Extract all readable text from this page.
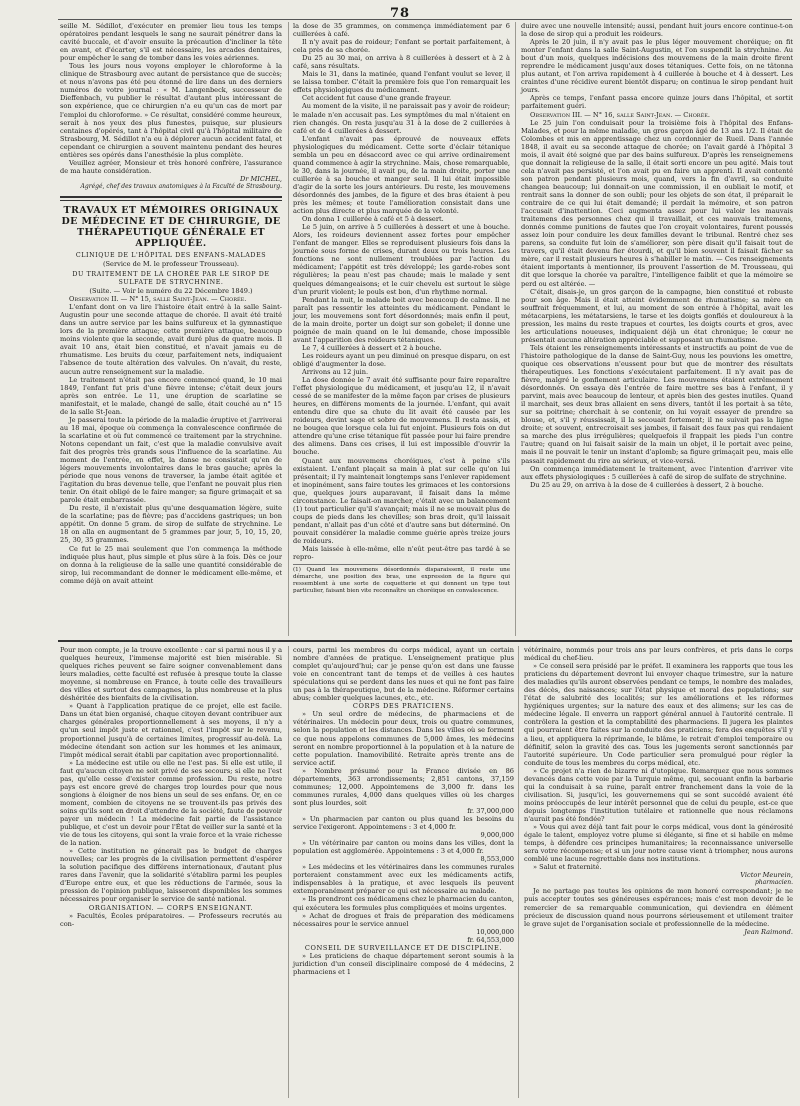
78

seille M. Sédillot, d'exécuter en premier lieu tous les temps opératoires pendant lesquels le sang ne saurait pénétrer dans la cavité buccale, et d'avoir ensuite la précaution d'incliner la tête en avant, et d'écarter, s'il est nécessaire, les arcades dentaires, pour empêcher le sang de tomber dans les voies aériennes.

Tous les jours nous voyons employer le chloroforme à la clinique de Strasbourg avec autant de persistance que de succès; et nous n'avons pas été peu étonné de lire dans un des derniers numéros de votre journal : « M. Langenbeck, successeur de Dieffenbach, vu publier le résultat d'autant plus intéressant de son expérience, que ce chirurgien n'a eu qu'un cas de mort par l'emploi du chloroforme. » Ce résultat, considéré comme heureux, serait à nos yeux des plus funestes, puisque, sur plusieurs centaines d'opérés, tant à l'hôpital civil qu'à l'hôpital militaire de Strasbourg, M. Sédillot n'a eu à déplorer aucun accident fatal, et cependant ce chirurgien a souvent maintenu pendant des heures entières ses opérés dans l'anesthésie la plus complète.

Veuillez agréer, Monsieur et très honoré confrère, l'assurance de ma haute considération.

Dr MICHEL,
Agrégé, chef des travaux anatomiques à la Faculté de Strasbourg.
TRAVAUX ET MÉMOIRES ORIGINAUX DE MÉDECINE ET DE CHIRURGIE, DE THÉRAPEUTIQUE GÉNÉRALE ET APPLIQUÉE.
CLINIQUE DE L'HÔPITAL DES ENFANS-MALADES
(Service de M. le professeur Trousseau).
DU TRAITEMENT DE LA CHORÉE PAR LE SIROP DE SULFATE DE STRYCHNINE.
(Suite. — Voir le numéro du 22 Décembre 1849.)

Observation II. — N° 15, salle Saint-Jean. — Chorée.

L'enfant dont on va lire l'histoire était entré à la salle Saint-Augustin pour une seconde attaque de chorée. Il avait été traité dans un autre service par les bains sulfureux et la gymnastique lors de la première attaque; cette première attaque, beaucoup moins violente que la seconde, avait duré plus de quatre mois. Il avait 10 ans, était bien constitué, et n'avait jamais eu de rhumatisme. Les bruits du cœur, parfaitement nets, indiquaient l'absence de toute altération des valvules. On n'avait, du reste, aucun autre renseignement sur la maladie.

Le traitement n'était pas encore commencé quand, le 10 mai 1849, l'enfant fut pris d'une fièvre intense; c'était deux jours après son entrée. Le 11, une éruption de scarlatine se manifestait, et le malade, changé de salle, était couché au n° 15 de la salle St-Jean.

Je passerai toute la période de la maladie éruptive et j'arriverai au 18 mai, époque où commença la convalescence confirmée de la scarlatine et où fut commencé ce traitement par la strychnine. Notons cependant un fait, c'est que la maladie convulsive avait fait des progrès très grands sous l'influence de la scarlatine. Au moment de l'entrée, en effet, la danse ne consistait qu'en de légers mouvements involontaires dans le bras gauche; après la période que nous venons de traverser, la jambe était agitée et l'agitation du bras devenue telle, que l'enfant ne pouvait plus rien tenir. On était obligé de le faire manger; sa figure grimaçait et sa parole était embarrassée.

Du reste, il n'existait plus qu'une desquamation légère, suite de la scarlatine; pas de fièvre; pas d'accidens gastriques; un bon appétit. On donne 5 gram. de sirop de sulfate de strychnine. Le 18 on alla en augmentant de 5 grammes par jour, 5, 10, 15, 20, 25, 30, 35 grammes.

Ce fut le 25 mai seulement que l'on commença la méthode indiquée plus haut, plus simple et plus sûre à la fois. Dès ce jour on donna à la religieuse de la salle une quantité considérable de sirop, lui recommandant de donner le médicament elle-même, et comme déjà on avait atteint

la dose de 35 grammes, on commença immédiatement par 6 cuillerées à café.

Il n'y avait pas de roideur; l'enfant se portait parfaitement, à cela près de sa chorée.

Du 25 au 30 mai, on arriva à 8 cuillerées à dessert et à 2 à café, sans résultats.

Mais le 31, dans la matinée, quand l'enfant voulut se lever, il se laissa tomber. C'était la première fois que l'on remarquait les effets physiologiques du médicament.

Cet accident fut cause d'une grande frayeur.

Au moment de la visite, il ne paraissait pas y avoir de roideur; le malade n'en accusait pas. Les symptômes du mal n'étaient en rien changés. On resta jusqu'au 31 à la dose de 2 cuillerées à café et de 4 cuillerées à dessert.

L'enfant n'avait pas éprouvé de nouveaux effets physiologiques du médicament. Cette sorte d'éclair tétanique sembla un peu en désaccord avec ce qui arrive ordinairement quand commence à agir la strychnine. Mais, chose remarquable, le 30, dans la journée, il avait pu, de la main droite, porter une cuillerée à sa bouche et manger seul. Il lui était impossible d'agir de la sorte les jours antérieurs. Du reste, les mouvemens désordonnés des jambes, de la figure et des bras étaient à peu près les mêmes; et toute l'amélioration consistait dans une action plus directe et plus marquée de la volonté.

On donna 1 cuillerée à café et 5 à dessert.

Le 5 juin, on arrive à 5 cuillerées à dessert et une à bouche. Alors, les roideurs deviennent assez fortes pour empêcher l'enfant de manger. Elles se reproduisent plusieurs fois dans la journée sous forme de crises, durant deux ou trois heures. Les fonctions ne sont nullement troublées par l'action du médicament; l'appétit est très développé; les garde-robes sont régulières; la peau n'est pas chaude; mais le malade y sent quelques démangeaisons; et le cuir chevelu est surtout le siège d'un prurit violent; le pouls est bon, d'un rhythme normal.

Pendant la nuit, le malade boit avec beaucoup de calme. Il ne paraît pas ressentir les atteintes du médicament. Pendant le jour, les mouvemens sont fort désordonnés; mais enfin il peut, de la main droite, porter un doigt sur son gobelet; il donne une poignée de main quand on le lui demande, chose impossible avant l'apparition des roideurs tétaniques.

Le 7, 4 cuillerées à dessert et 2 à bouche.

Les roideurs ayant un peu diminué on presque disparu, on est obligé d'augmenter la dose.

Arrivons au 12 juin.

La dose donnée le 7 avait été suffisante pour faire reparaître l'effet physiologique du médicament, et jusqu'au 12, il n'avait cessé de se manifester de la même façon par crises de plusieurs heures, en différens moments de la journée. L'enfant, qui avait entendu dire que sa chute du lit avait été causée par les roideurs, devint sage et sobre de mouvemens. Il resta assis, et ne bougea que lorsque cela lui fut enjoint. Plusieurs fois on dut attendre qu'une crise tétanique fût passée pour lui faire prendre des alimens. Dans ces crises, il lui est impossible d'ouvrir la bouche.

Quant aux mouvemens choréiques, c'est à peine s'ils existaient. L'enfant plaçait sa main à plat sur celle qu'on lui présentait; il l'y maintenait longtemps sans l'enlever rapidement et inopinément, sans faire toutes les grimaces et les contorsions que, quelques jours auparavant, il faisait dans la même circonstance. Le faisait-on marcher, c'était avec un balancement (1) tout particulier qu'il s'avançait; mais il ne se mouvait plus de coups de pieds dans les chevilles; son bras droit, qu'il laissait pendant, n'allait pas d'un côté et d'autre sans but déterminé. On pouvait considérer la maladie comme guérie après treize jours de roideurs.

Mais laissée à elle-même, elle n'eût peut-être pas tardé à se repro-

(1) Quand les mouvemens désordonnés disparaissent, il reste une démarche, une position des bras, une expression de la figure qui ressemblent à une sorte de coquetterie et qui donnent un type tout particulier, faisant bien vite reconnaître un choréique en convalescence.

duire avec une nouvelle intensité; aussi, pendant huit jours encore continue-t-on la dose de sirop qui a produit les roideurs.

Après le 20 juin, il n'y avait pas le plus léger mouvement choréique; on fit monter l'enfant dans la salle Saint-Augustin, et l'on suspendit la strychnine. Au bout d'un mois, quelques indécisions des mouvemens de la main droite firent reprendre le médicament jusqu'aux doses tétaniques. Cette fois, on ne tâtonna plus autant, et l'on arriva rapidement à 4 cuillerée à bouche et 4 à dessert. Les craintes d'une récidive eurent bientôt disparu; on continua le sirop pendant huit jours.

Après ce temps, l'enfant passa encore quinze jours dans l'hôpital, et sortit parfaitement guéri.

Observation III. — N° 16, salle Saint-Jean. — Chorée.

Le 25 juin l'on conduisait pour la troisième fois à l'hôpital des Enfans-Malades, et pour la même maladie, un gros garçon âgé de 13 ans 1/2. Il était de Colombes et mis en apprentissage chez un cordonnier de Rueil. Dans l'année 1848, il avait eu sa seconde attaque de chorée; on l'avait gardé à l'hôpital 3 mois, il avait été soigné que par des bains sulfureux. D'après les renseignemens que donnait la religieuse de la salle, il était sorti encore un peu agité. Mais tout cela n'avait pas persisté, et l'on avait pu en faire un apprenti. Il avait contenté son patron pendant plusieurs mois, quand, vers la fin d'avril, sa conduite changea beaucoup; lui donnait-on une commission, il en oubliait le motif, et rentrait sans la donner de son oubli; pour les objets de son état, il préparait le contraire de ce qui lui était demandé; il perdait la mémoire, et son patron l'accusait d'inattention. Ceci augmenta assez pour lui valoir les mauvais traitemens des personnes chez qui il travaillait, et ces mauvais traitemens, donnés comme punitions de fautes que l'on croyait volontaires, furent poussés assez loin pour conduire les deux familles devant le tribunal. Rentré chez ses parens, sa conduite fut loin de s'améliorer, son père disait qu'il faisait tout de travers, qu'il était devenu fier étourdi, et qu'il bien souvent il faisait fâcher sa mère, car il restait plusieurs heures à s'habiller le matin. — Ces renseignements étaient importants à mentionner, ils prouvent l'assertion de M. Trousseau, qui dit que lorsque la chorée va paraître, l'intelligence faiblit et que la mémoire se perd ou est altérée. —

C'était, disais-je, un gros garçon de la campagne, bien constitué et robuste pour son âge. Mais il était atteint évidemment de rhumatisme; sa mère en souffrait fréquemment, et lui, au moment de son entrée à l'hôpital, avait les métacarpiens, les métatarsiens, le tarse et les doigts gonflés et douloureux à la pression, les mains du reste trapues et courtes, les doigts courts et gros, avec les articulations noueuses, indiquaient déjà un état chronique; le cœur ne présentait aucune altération appréciable et supposant un rhumatisme.

Tels étaient les renseignements intéressants et instructifs au point de vue de l'histoire pathologique de la danse de Saint-Guy, nous les pouvions les omettre, quoique ces observations n'eussent pour but que de montrer des résultats thérapeutiques. Les fonctions s'exécutaient parfaitement. Il n'y avait pas de fièvre, malgré le gonflement articulaire. Les mouvemens étaient extrêmement désordonnés. On essaya dès l'entrée de faire mettre ses bas à l'enfant, il y parvint, mais avec beaucoup de lenteur, et après bien des gestes inutiles. Quand il marchait, ses deux bras allaient en sens divers, tantôt il les portait à sa tête, sur sa poitrine; cherchait à se contenir, on lui voyait essayer de prendre sa blouse, et, s'il y réussissait, il la secouait fortement; il ne suivait pas la ligne droite; et souvent, entrecroisait ses jambes, il faisait des faux pas qui rendaient sa marche des plus irrégulières; quelquefois il frappait les pieds l'un contre l'autre; quand on lui faisait saisir de la main un objet, il le portait avec peine, mais il ne pouvait le tenir un instant d'aplomb; sa figure grimaçait peu, mais elle passait rapidement du rire au sérieux, et vice-versâ.

On commença immédiatement le traitement, avec l'intention d'arriver vite aux effets physiologiques : 5 cuillerées à café de sirop de sulfate de strychnine.

Du 25 au 29, on arriva à la dose de 4 cuillerées à dessert, 2 à bouche.

Pour mon compte, je la trouve excellente : car si parmi nous il y a quelques heureux, l'immense majorité est bien misérable. Si quelques riches peuvent se faire soigner convenablement dans leurs maladies, cette faculté est refusée à presque toute la classe moyenne, si nombreuse en France, à toute celle des travailleurs des villes et surtout des campagnes, la plus nombreuse et la plus déshéritée des bienfaits de la civilisation.

» Quant à l'application pratique de ce projet, elle est facile. Dans un état bien organisé, chaque citoyen devant contribuer aux charges générales proportionnellement à ses moyens, il n'y a qu'un seul impôt juste et rationnel, c'est l'impôt sur le revenu, proportionnel jusqu'à de certaines limites, progressif au-delà. La médecine étendant son action sur les hommes et les animaux, l'impôt médical serait établi par capitation avec proportionnalité.

» La médecine est utile ou elle ne l'est pas. Si elle est utile, il faut qu'aucun citoyen ne soit privé de ses secours; si elle ne l'est pas, qu'elle cesse d'exister comme profession. Du reste, notre pays est encore grevé de charges trop lourdes pour que nous songions à éloigner de nos biens un seul de ses enfans. Or, en ce moment, combien de citoyens ne se trouvent-ils pas privés des soins qu'ils sont en droit d'attendre de la société, faute de pouvoir payer un médecin ! La médecine fait partie de l'assistance publique, et c'est un devoir pour l'État de veiller sur la santé et la vie de tous les citoyens, qui sont la vraie force et la vraie richesse de la nation.

» Cette institution ne génerait pas le budget de charges nouvelles; car les progrès de la civilisation permettent d'espérer la solution pacifique des différens internationaux, d'autant plus rares dans l'avenir, que la solidarité s'établira parmi les peuples d'Europe entre eux, et que les réductions de l'armée, sous la pression de l'opinion publique, laisseront disponibles les sommes nécessaires pour organiser le service de santé national.

ORGANISATION. — CORPS ENSEIGNANT.

» Facultés, Écoles préparatoires. — Professeurs recrutés au con-

cours, parmi les membres du corps médical, ayant un certain nombre d'années de pratique. L'enseignement pratique plus complet qu'aujourd'hui; car je pense qu'on est dans une fausse voie en concentrant tant de temps et de veilles à ces hautes spéculations qui se perdent dans les nues et qui ne font pas faire un pas à la thérapeutique, but de la médecine. Réformer certains abus; combler quelques lacunes, etc., etc.

CORPS DES PRATICIENS.

» Un seul ordre de médecins, de pharmaciens et de vétérinaires. Un médecin pour deux, trois ou quatre communes, selon la population et les distances. Dans les villes où se forment ce que nous appelons communes de 5,000 âmes, les médecins seront en nombre proportionnel à la population et à la nature de cette population. Inamovibilité. Retraite après trente ans de service actif.

» Nombre présumé pour la France divisée en 86 départements, 363 arrondissements; 2,851 cantons, 37,159 communes; 12,000. Appointemens de 3,000 fr. dans les communes rurales, 4,000 dans quelques villes où les charges sont plus lourdes, soit

fr. 37,000,000

» Un pharmacien par canton ou plus quand les besoins du service l'exigeront. Appointemens : 3 et 4,000 fr.

9,000,000

» Un vétérinaire par canton ou moins dans les villes, dont la population est agglomérée. Appointemens : 3 et 4,000 fr.

8,553,000

» Les médecins et les vétérinaires dans les communes rurales porteraient constamment avec eux les médicaments actifs, indispensables à la pratique, et avec lesquels ils peuvent extemporanément préparer ce qui est nécessaire au malade.

» Ils prendront ces médicamens chez le pharmacien du canton, qui exécutera les formules plus compliquées et moins urgentes.

» Achat de drogues et frais de préparation des médicamens nécessaires pour le service annuel

10,000,000
fr. 64,553,000
CONSEIL DE SURVEILLANCE ET DE DISCIPLINE.

» Les praticiens de chaque département seront soumis à la juridiction d'un conseil disciplinaire composé de 4 médecins, 2 pharmaciens et 1

vétérinaire, nommés pour trois ans par leurs confrères, et pris dans le corps médical du chef-lieu.

» Ce conseil sera présidé par le préfet. Il examinera les rapports que tous les praticiens du département devront lui envoyer chaque trimestre, sur la nature des maladies qu'ils auront observées pendant ce temps, le nombre des malades, des décès, des naissances; sur l'état physique et moral des populations; sur l'état de salubrité des localités; sur les améliorations et les réformes hygiéniques urgentes; sur la nature des eaux et des alimens; sur les cas de médecine légale. Il enverra un rapport général annuel à l'autorité centrale. Il contrôlera la gestion et la comptabilité des pharmaciens. Il jugera les plaintes qui pourraient être faites sur la conduite des praticiens; fera des enquêtes s'il y a lieu, et appliquera la réprimande, le blâme, le retrait d'emploi temporaire ou définitif, selon la gravité des cas. Tous les jugements seront sanctionnés par l'autorité supérieure. Un Code particulier sera promulgué pour régler la conduite de tous les membres du corps médical, etc.

» Ce projet n'a rien de bizarre ni d'utopique. Remarquez que nous sommes devancés dans cette voie par la Turquie même, qui, secouant enfin la barbarie qui la conduisait à sa ruine, paraît entrer franchement dans la voie de la civilisation. Si, jusqu'ici, les gouvernemens qui se sont succédé avaient été moins préoccupés de leur intérêt personnel que de celui du peuple, est-ce que depuis longtemps l'institution tutélaire et rationnelle que nous réclamons n'aurait pas été fondée?

» Vous qui avez déjà tant fait pour le corps médical, vous dont la générosité égale le talent, employez votre plume si élégante, si fine et si habile en même temps, à défendre ces principes humanitaires; la reconnaissance universelle sera votre récompense; et si un jour notre cause vient à triompher, nous aurons comblé une lacune regrettable dans nos institutions.

» Salut et fraternité.

Victor Meurein,
pharmacien.

Je ne partage pas toutes les opinions de mon honoré correspondant; je ne puis accepter toutes ses généreuses espérances; mais c'est mon devoir de le remercier de sa remarquable communication, qui deviendra en élément précieux de discussion quand nous pourrons sérieusement et utilement traiter le grave sujet de l'organisation sociale et professionnelle de la médecine.

Jean Raimond.
